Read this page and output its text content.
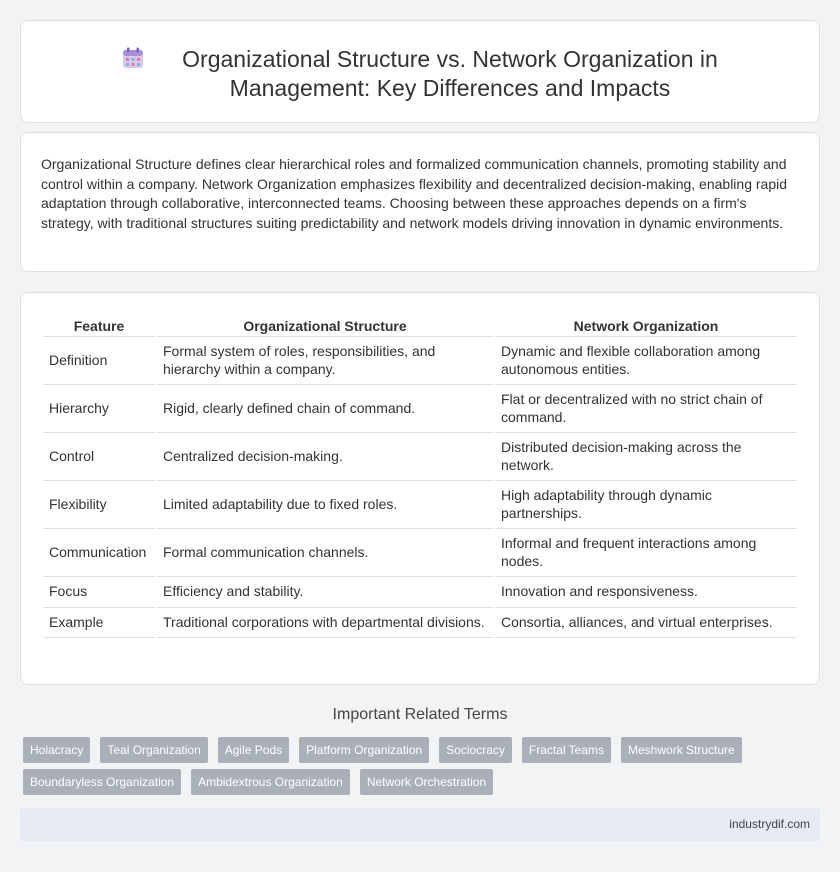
Organizational Structure vs. Network Organization in Management: Key Differences and Impacts

Organizational Structure defines clear hierarchical roles and formalized communication channels, promoting stability and control within a company. Network Organization emphasizes flexibility and decentralized decision-making, enabling rapid adaptation through collaborative, interconnected teams. Choosing between these approaches depends on a firm's strategy, with traditional structures suiting predictability and network models driving innovation in dynamic environments.

Feature	Organizational Structure	Network Organization
Definition	Formal system of roles, responsibilities, and hierarchy within a company.	Dynamic and flexible collaboration among autonomous entities.
Hierarchy	Rigid, clearly defined chain of command.	Flat or decentralized with no strict chain of command.
Control	Centralized decision-making.	Distributed decision-making across the network.
Flexibility	Limited adaptability due to fixed roles.	High adaptability through dynamic partnerships.
Communication	Formal communication channels.	Informal and frequent interactions among nodes.
Focus	Efficiency and stability.	Innovation and responsiveness.
Example	Traditional corporations with departmental divisions.	Consortia, alliances, and virtual enterprises.
Important Related Terms
Holacracy	Teal Organization	Agile Pods	Platform Organization	Sociocracy	Fractal Teams	Meshwork Structure
Boundaryless Organization	Ambidextrous Organization	Network Orchestration
industrydif.com
